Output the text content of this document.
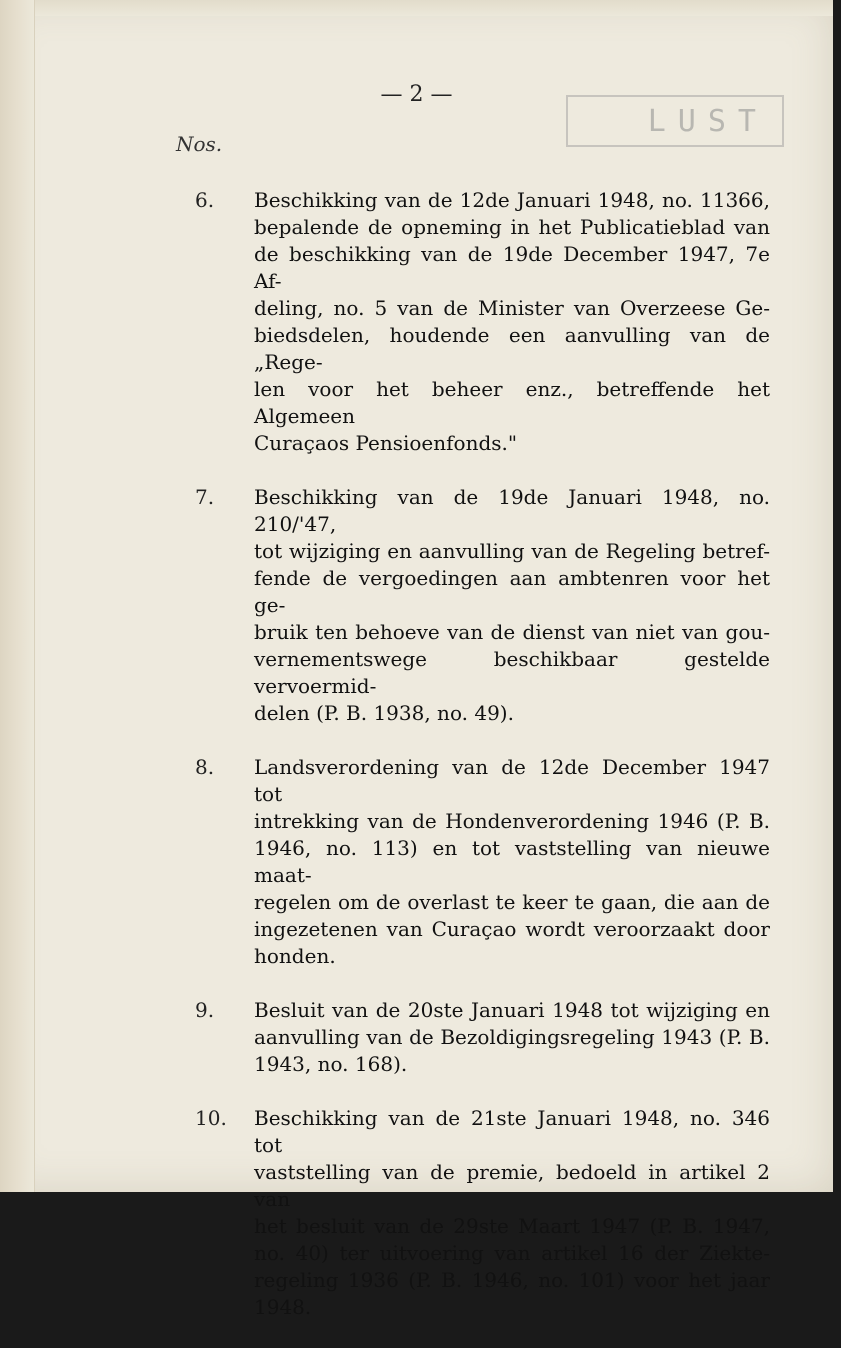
LUST
— 2 —
Nos.
6.	Beschikking van de 12de Januari 1948, no. 11366,
bepalende de opneming in het Publicatieblad van
de beschikking van de 19de December 1947, 7e Af-
deling, no. 5 van de Minister van Overzeese Ge-
biedsdelen, houdende een aanvulling van de „Rege-
len voor het beheer enz., betreffende het Algemeen
Curaçaos Pensioenfonds."
7.	Beschikking van de 19de Januari 1948, no. 210/'47,
tot wijziging en aanvulling van de Regeling betref-
fende de vergoedingen aan ambtenren voor het ge-
bruik ten behoeve van de dienst van niet van gou-
vernementswege beschikbaar gestelde vervoermid-
delen (P. B. 1938, no. 49).
8.	Landsverordening van de 12de December 1947 tot
intrekking van de Hondenverordening 1946 (P. B.
1946, no. 113) en tot vaststelling van nieuwe maat-
regelen om de overlast te keer te gaan, die aan de
ingezetenen van Curaçao wordt veroorzaakt door
honden.
9.	Besluit van de 20ste Januari 1948 tot wijziging en
aanvulling van de Bezoldigingsregeling 1943 (P. B.
1943, no. 168).
10.	Beschikking van de 21ste Januari 1948, no. 346 tot
vaststelling van de premie, bedoeld in artikel 2 van
het besluit van de 29ste Maart 1947 (P. B. 1947,
no. 40) ter uitvoering van artikel 16 der Ziekte-
regeling 1936 (P. B. 1946, no. 101) voor het jaar
1948.
